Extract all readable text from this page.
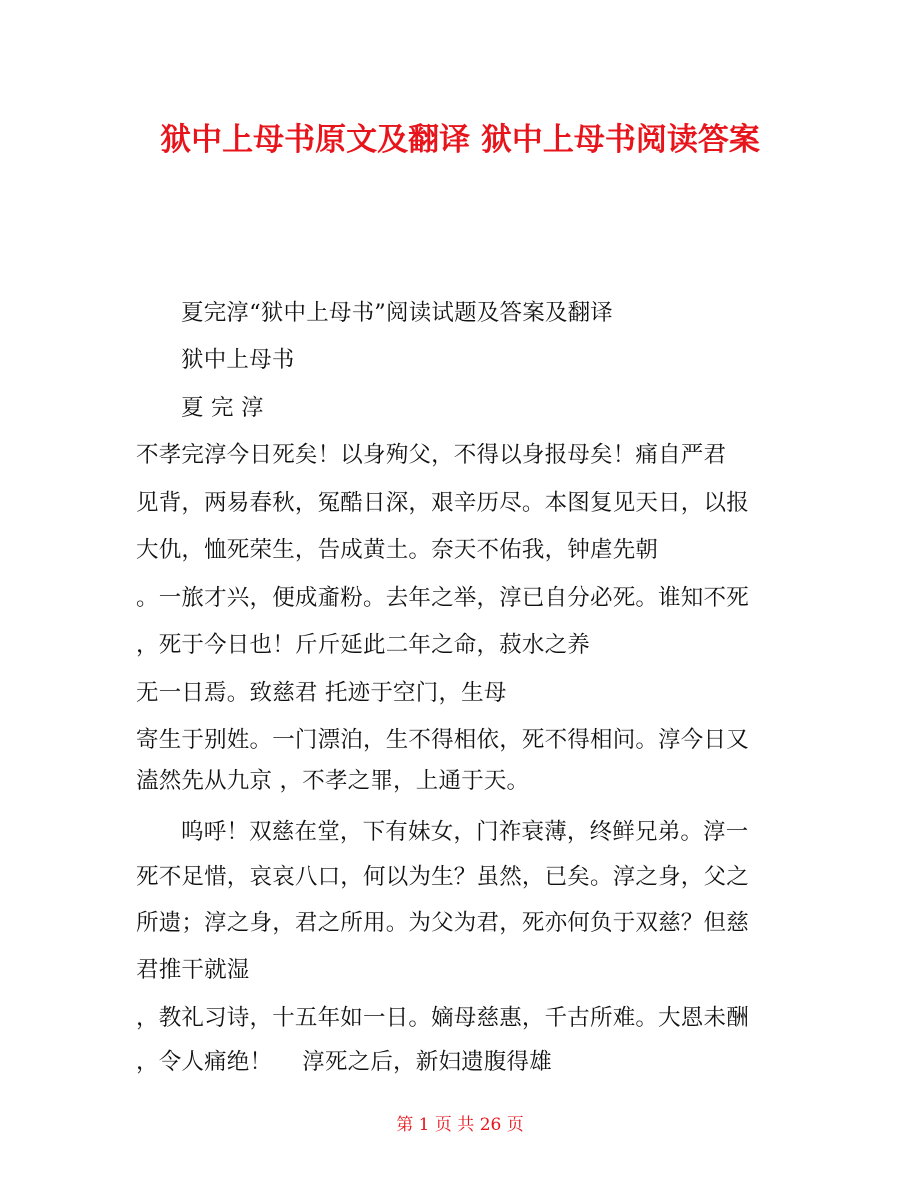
狱中上母书原文及翻译 狱中上母书阅读答案
夏完淳“狱中上母书”阅读试题及答案及翻译
狱中上母书
夏 完 淳
不孝完淳今日死矣！以身殉父，不得以身报母矣！痛自严君
见背，两易春秋，冤酷日深，艰辛历尽。本图复见天日，以报
大仇，恤死荣生，告成黄土。奈天不佑我，钟虐先朝
。一旅才兴，便成齑粉。去年之举，淳已自分必死。谁知不死
，死于今日也！斤斤延此二年之命，菽水之养
无一日焉。致慈君 托迹于空门，生母
寄生于别姓。一门漂泊，生不得相依，死不得相问。淳今日又
溘然先从九京 ，不孝之罪，上通于天。
呜呼！双慈在堂，下有妹女，门祚衰薄，终鲜兄弟。淳一
死不足惜，哀哀八口，何以为生？虽然，已矣。淳之身，父之
所遗；淳之身，君之所用。为父为君，死亦何负于双慈？但慈
君推干就湿
，教礼习诗，十五年如一日。嫡母慈惠，千古所难。大恩未酬
，令人痛绝！　 淳死之后，新妇遗腹得雄
第 1 页 共 26 页
